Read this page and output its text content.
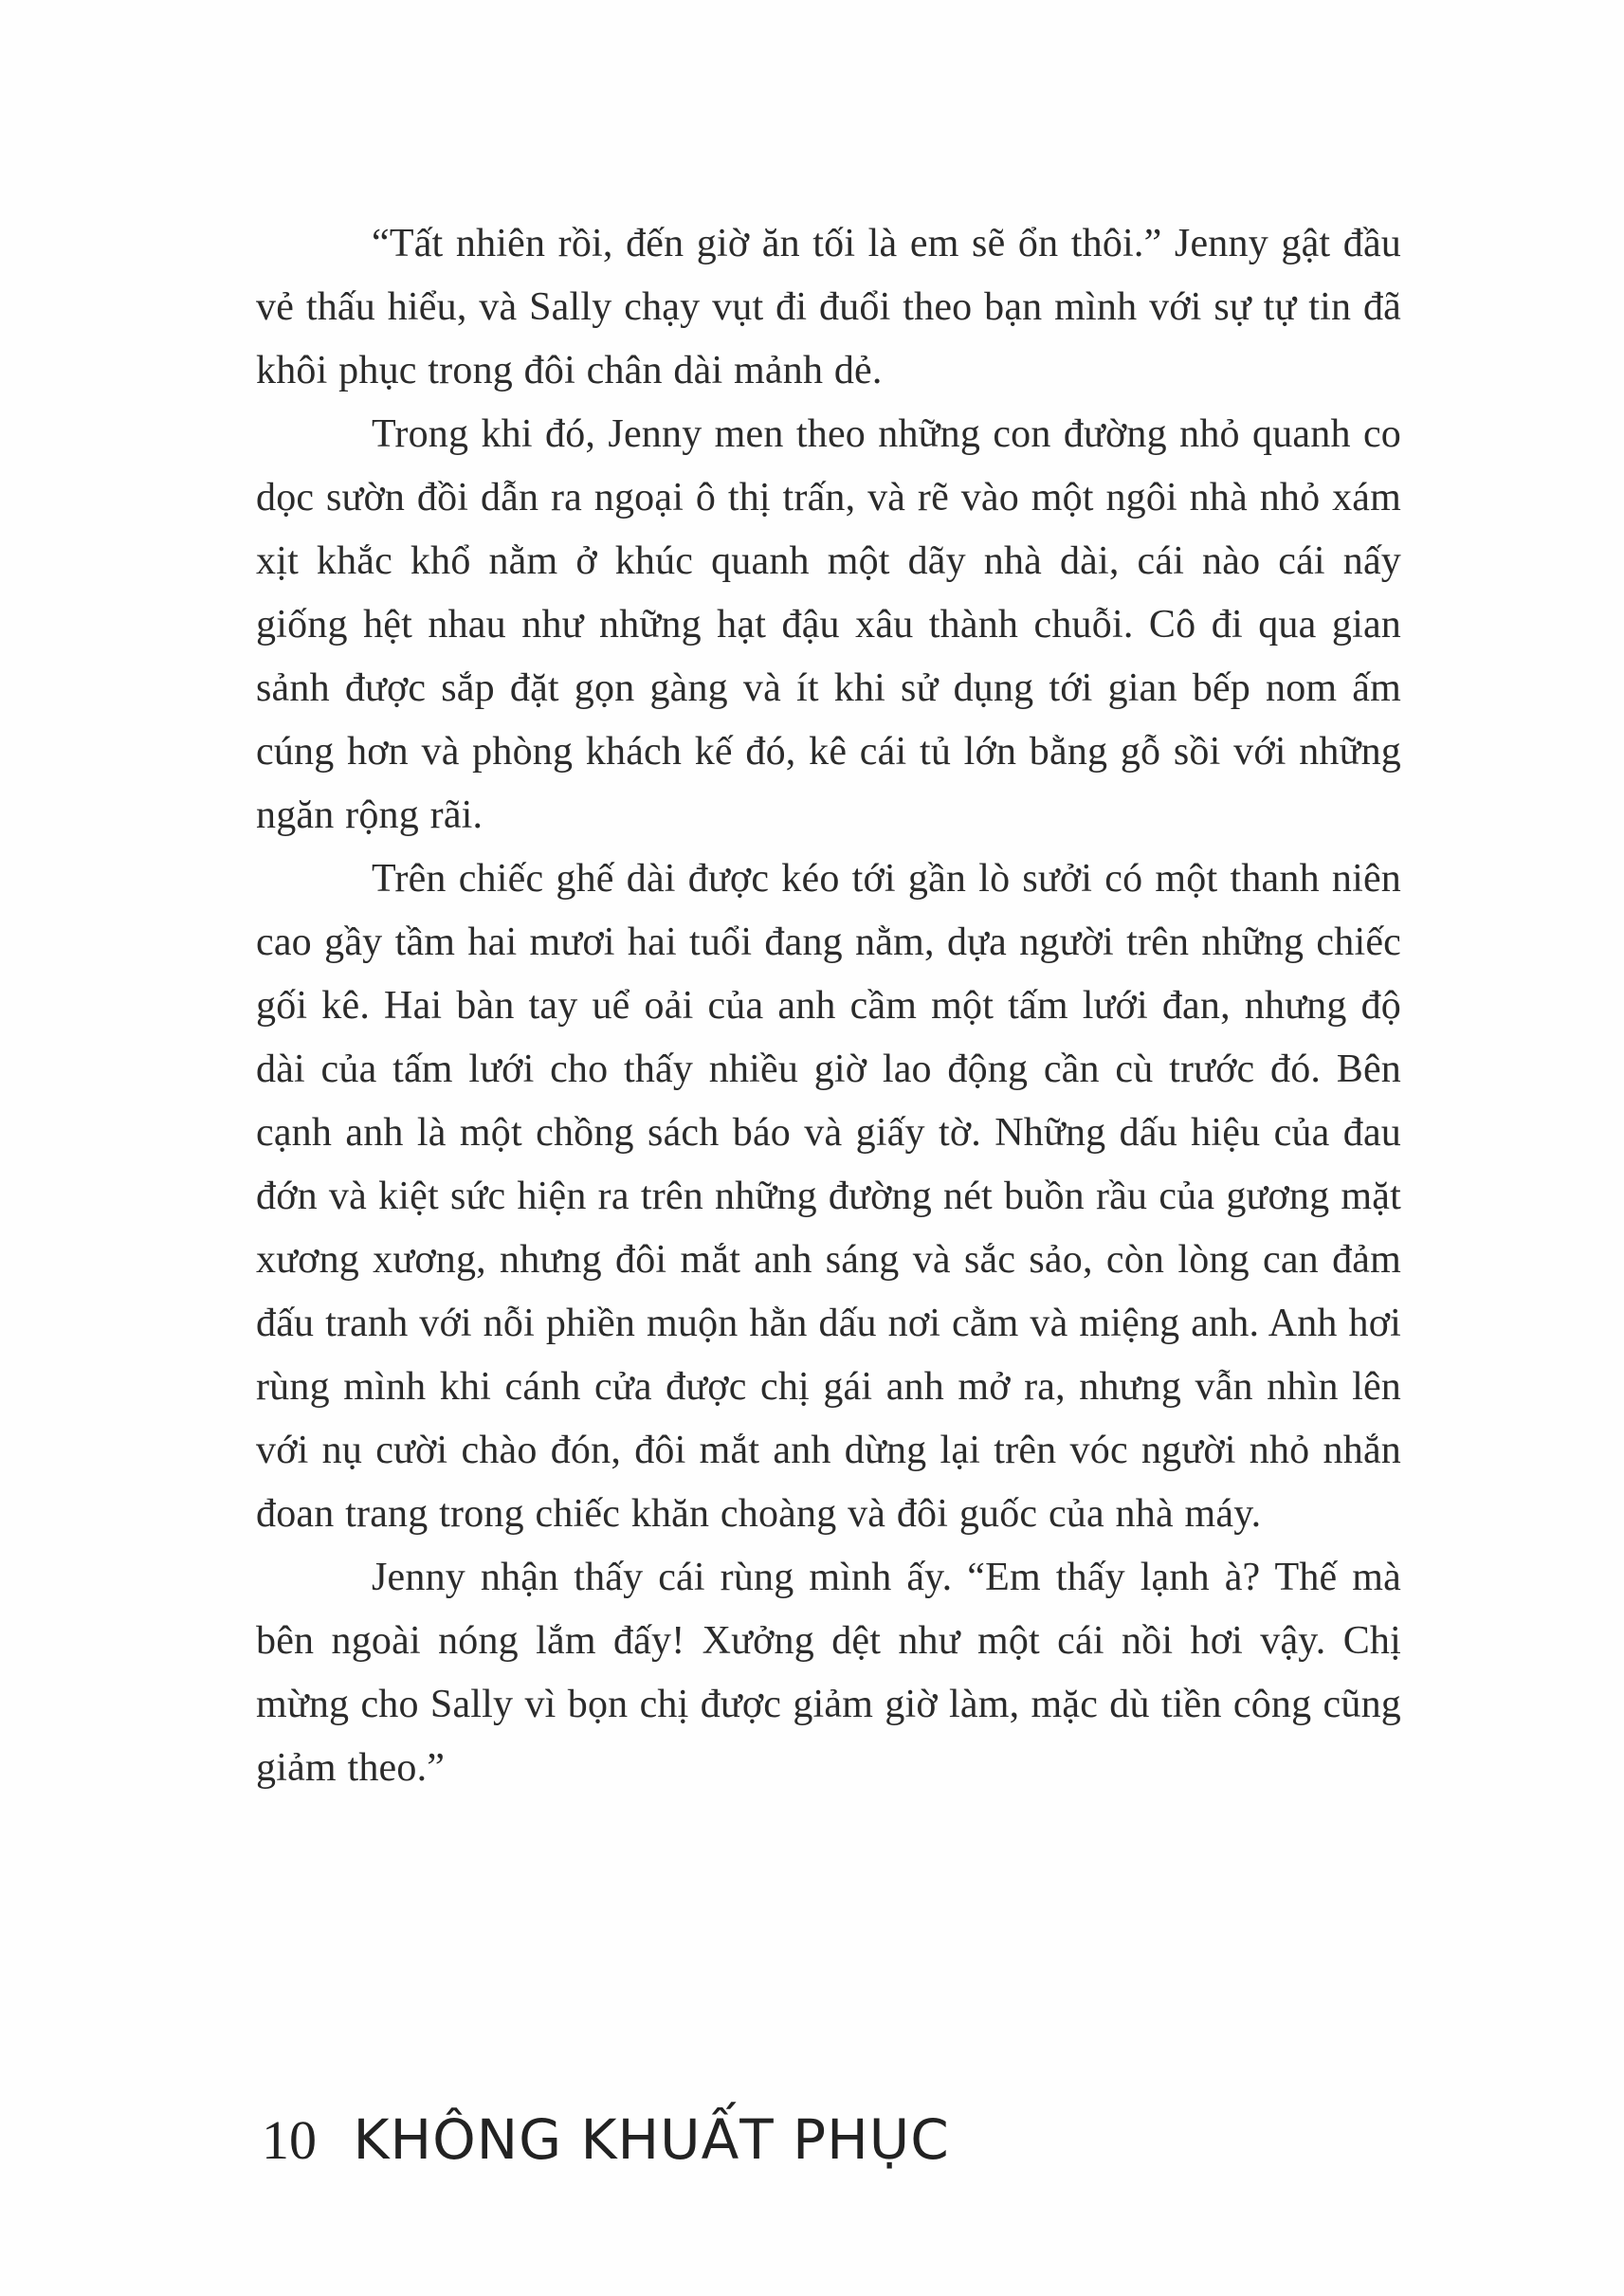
“Tất nhiên rồi, đến giờ ăn tối là em sẽ ổn thôi.” Jenny gật đầu vẻ thấu hiểu, và Sally chạy vụt đi đuổi theo bạn mình với sự tự tin đã khôi phục trong đôi chân dài mảnh dẻ.

Trong khi đó, Jenny men theo những con đường nhỏ quanh co dọc sườn đồi dẫn ra ngoại ô thị trấn, và rẽ vào một ngôi nhà nhỏ xám xịt khắc khổ nằm ở khúc quanh một dãy nhà dài, cái nào cái nấy giống hệt nhau như những hạt đậu xâu thành chuỗi. Cô đi qua gian sảnh được sắp đặt gọn gàng và ít khi sử dụng tới gian bếp nom ấm cúng hơn và phòng khách kế đó, kê cái tủ lớn bằng gỗ sồi với những ngăn rộng rãi.

Trên chiếc ghế dài được kéo tới gần lò sưởi có một thanh niên cao gầy tầm hai mươi hai tuổi đang nằm, dựa người trên những chiếc gối kê. Hai bàn tay uể oải của anh cầm một tấm lưới đan, nhưng độ dài của tấm lưới cho thấy nhiều giờ lao động cần cù trước đó. Bên cạnh anh là một chồng sách báo và giấy tờ. Những dấu hiệu của đau đớn và kiệt sức hiện ra trên những đường nét buồn rầu của gương mặt xương xương, nhưng đôi mắt anh sáng và sắc sảo, còn lòng can đảm đấu tranh với nỗi phiền muộn hằn dấu nơi cằm và miệng anh. Anh hơi rùng mình khi cánh cửa được chị gái anh mở ra, nhưng vẫn nhìn lên với nụ cười chào đón, đôi mắt anh dừng lại trên vóc người nhỏ nhắn đoan trang trong chiếc khăn choàng và đôi guốc của nhà máy.

Jenny nhận thấy cái rùng mình ấy. “Em thấy lạnh à? Thế mà bên ngoài nóng lắm đấy! Xưởng dệt như một cái nồi hơi vậy. Chị mừng cho Sally vì bọn chị được giảm giờ làm, mặc dù tiền công cũng giảm theo.”

10 KHÔNG KHUẤT PHỤC
